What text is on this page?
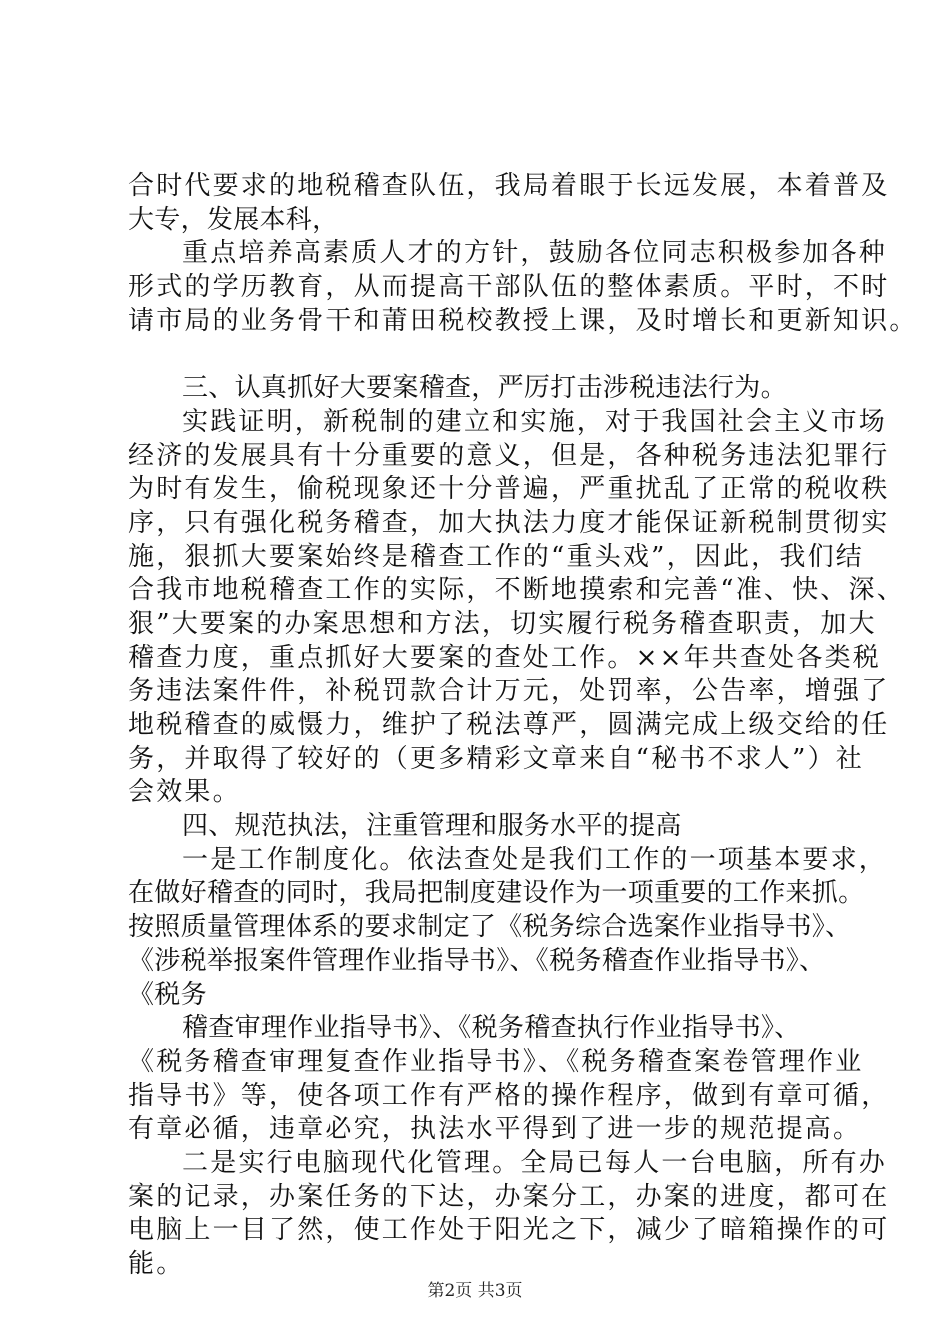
合时代要求的地税稽查队伍，我局着眼于长远发展，本着普及
大专，发展本科，
重点培养高素质人才的方针，鼓励各位同志积极参加各种
形式的学历教育，从而提高干部队伍的整体素质。平时，不时
请市局的业务骨干和莆田税校教授上课，及时增长和更新知识。
三、认真抓好大要案稽查，严厉打击涉税违法行为。
实践证明，新税制的建立和实施，对于我国社会主义市场
经济的发展具有十分重要的意义，但是，各种税务违法犯罪行
为时有发生，偷税现象还十分普遍，严重扰乱了正常的税收秩
序，只有强化税务稽查，加大执法力度才能保证新税制贯彻实
施，狠抓大要案始终是稽查工作的“重头戏”，因此，我们结
合我市地税稽查工作的实际，不断地摸索和完善“准、快、深、
狠”大要案的办案思想和方法，切实履行税务稽查职责，加大
稽查力度，重点抓好大要案的查处工作。××年共查处各类税
务违法案件件，补税罚款合计万元，处罚率，公告率，增强了
地税稽查的威慑力，维护了税法尊严，圆满完成上级交给的任
务，并取得了较好的（更多精彩文章来自“秘书不求人”）社
会效果。
四、规范执法，注重管理和服务水平的提高
一是工作制度化。依法查处是我们工作的一项基本要求，
在做好稽查的同时，我局把制度建设作为一项重要的工作来抓。
按照质量管理体系的要求制定了《税务综合选案作业指导书》、
《涉税举报案件管理作业指导书》、《税务稽查作业指导书》、
《税务
稽查审理作业指导书》、《税务稽查执行作业指导书》、
《税务稽查审理复查作业指导书》、《税务稽查案卷管理作业
指导书》等，使各项工作有严格的操作程序，做到有章可循，
有章必循，违章必究，执法水平得到了进一步的规范提高。
二是实行电脑现代化管理。全局已每人一台电脑，所有办
案的记录，办案任务的下达，办案分工，办案的进度，都可在
电脑上一目了然，使工作处于阳光之下，减少了暗箱操作的可
能。
第2页 共3页
